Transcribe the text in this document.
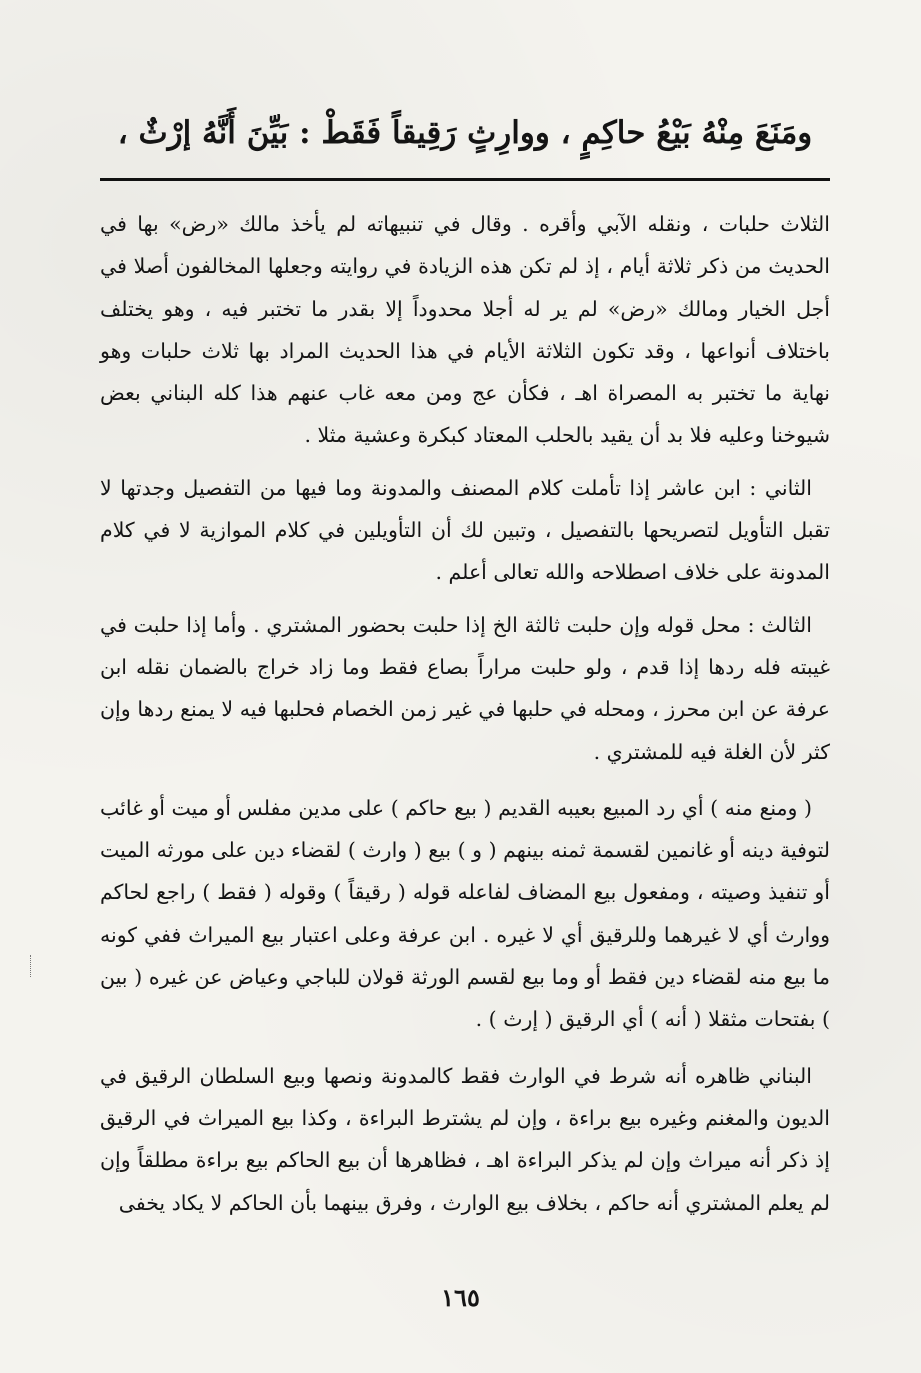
ومَنَعَ مِنْهُ بَيْعُ حاكِمٍ ، ووارِثٍ رَقِيقاً فَقَطْ : بَيِّنَ أَنَّهُ إرْثٌ ،

الثلاث حلبات ، ونقله الآبي وأقره . وقال في تنبيهاته لم يأخذ مالك «رض» بها في الحديث من ذكر ثلاثة أيام ، إذ لم تكن هذه الزيادة في روايته وجعلها المخالفون أصلا في أجل الخيار ومالك «رض» لم ير له أجلا محدوداً إلا بقدر ما تختبر فيه ، وهو يختلف باختلاف أنواعها ، وقد تكون الثلاثة الأيام في هذا الحديث المراد بها ثلاث حلبات وهو نهاية ما تختبر به المصراة اهـ ، فكأن عج ومن معه غاب عنهم هذا كله البناني بعض شيوخنا وعليه فلا بد أن يقيد بالحلب المعتاد كبكرة وعشية مثلا .

الثاني : ابن عاشر إذا تأملت كلام المصنف والمدونة وما فيها من التفصيل وجدتها لا تقبل التأويل لتصريحها بالتفصيل ، وتبين لك أن التأويلين في كلام الموازية لا في كلام المدونة على خلاف اصطلاحه والله تعالى أعلم .

الثالث : محل قوله وإن حلبت ثالثة الخ إذا حلبت بحضور المشتري . وأما إذا حلبت في غيبته فله ردها إذا قدم ، ولو حلبت مراراً بصاع فقط وما زاد خراج بالضمان نقله ابن عرفة عن ابن محرز ، ومحله في حلبها في غير زمن الخصام فحلبها فيه لا يمنع ردها وإن كثر لأن الغلة فيه للمشتري .

( ومنع منه ) أي رد المبيع بعيبه القديم ( بيع حاكم ) على مدين مفلس أو ميت أو غائب لتوفية دينه أو غانمين لقسمة ثمنه بينهم ( و ) بيع ( وارث ) لقضاء دين على مورثه الميت أو تنفيذ وصيته ، ومفعول بيع المضاف لفاعله قوله ( رقيقاً ) وقوله ( فقط ) راجع لحاكم ووارث أي لا غيرهما وللرقيق أي لا غيره . ابن عرفة وعلى اعتبار بيع الميراث ففي كونه ما بيع منه لقضاء دين فقط أو وما بيع لقسم الورثة قولان للباجي وعياض عن غيره ( بين ) بفتحات مثقلا ( أنه ) أي الرقيق ( إرث ) .

البناني ظاهره أنه شرط في الوارث فقط كالمدونة ونصها وبيع السلطان الرقيق في الديون والمغنم وغيره بيع براءة ، وإن لم يشترط البراءة ، وكذا بيع الميراث في الرقيق إذ ذكر أنه ميراث وإن لم يذكر البراءة اهـ ، فظاهرها أن بيع الحاكم بيع براءة مطلقاً وإن لم يعلم المشتري أنه حاكم ، بخلاف بيع الوارث ، وفرق بينهما بأن الحاكم لا يكاد يخفى

١٦٥
